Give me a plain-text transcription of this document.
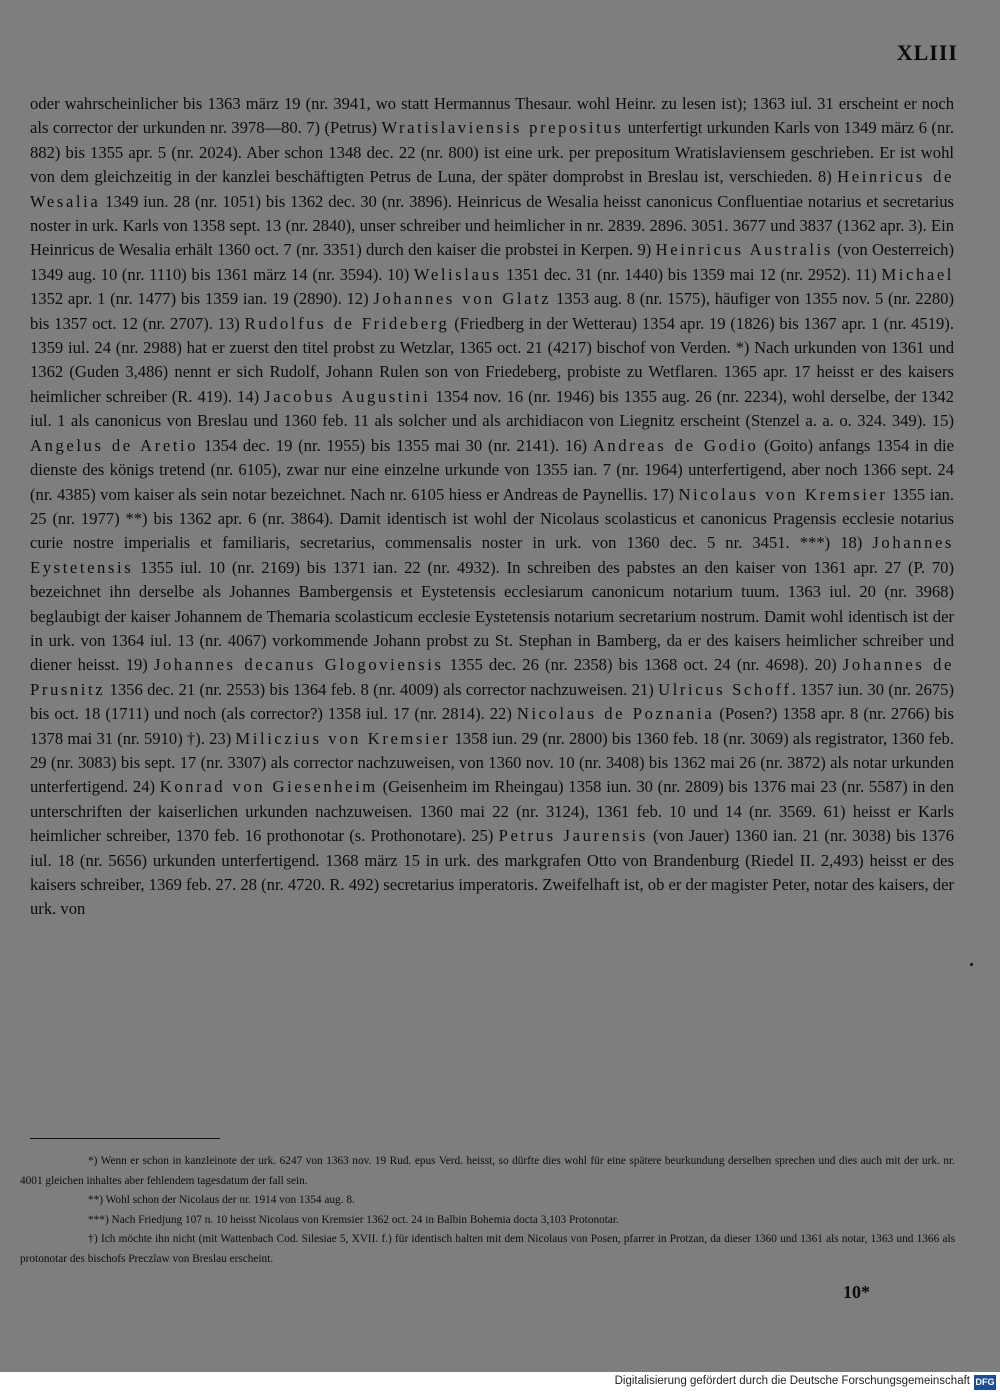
XLIII
oder wahrscheinlicher bis 1363 märz 19 (nr. 3941, wo statt Hermannus Thesaur. wohl Heinr. zu lesen ist); 1363 iul. 31 erscheint er noch als corrector der urkunden nr. 3978—80. 7) (Petrus) Wratislaviensis prepositus unterfertigt urkunden Karls von 1349 märz 6 (nr. 882) bis 1355 apr. 5 (nr. 2024). Aber schon 1348 dec. 22 (nr. 800) ist eine urk. per prepositum Wratislaviensem geschrieben. Er ist wohl von dem gleichzeitig in der kanzlei beschäftigten Petrus de Luna, der später domprobst in Breslau ist, verschieden. 8) Heinricus de Wesalia 1349 iun. 28 (nr. 1051) bis 1362 dec. 30 (nr. 3896). Heinricus de Wesalia heisst canonicus Confluentiae notarius et secretarius noster in urk. Karls von 1358 sept. 13 (nr. 2840), unser schreiber und heimlicher in nr. 2839. 2896. 3051. 3677 und 3837 (1362 apr. 3). Ein Heinricus de Wesalia erhält 1360 oct. 7 (nr. 3351) durch den kaiser die probstei in Kerpen. 9) Heinricus Australis (von Oesterreich) 1349 aug. 10 (nr. 1110) bis 1361 märz 14 (nr. 3594). 10) Welislaus 1351 dec. 31 (nr. 1440) bis 1359 mai 12 (nr. 2952). 11) Michael 1352 apr. 1 (nr. 1477) bis 1359 ian. 19 (2890). 12) Johannes von Glatz 1353 aug. 8 (nr. 1575), häufiger von 1355 nov. 5 (nr. 2280) bis 1357 oct. 12 (nr. 2707). 13) Rudolfus de Frideberg (Friedberg in der Wetterau) 1354 apr. 19 (1826) bis 1367 apr. 1 (nr. 4519). 1359 iul. 24 (nr. 2988) hat er zuerst den titel probst zu Wetzlar, 1365 oct. 21 (4217) bischof von Verden. *) Nach urkunden von 1361 und 1362 (Guden 3,486) nennt er sich Rudolf, Johann Rulen son von Friedeberg, probiste zu Wetflaren. 1365 apr. 17 heisst er des kaisers heimlicher schreiber (R. 419). 14) Jacobus Augustini 1354 nov. 16 (nr. 1946) bis 1355 aug. 26 (nr. 2234), wohl derselbe, der 1342 iul. 1 als canonicus von Breslau und 1360 feb. 11 als solcher und als archidiacon von Liegnitz erscheint (Stenzel a. a. o. 324. 349). 15) Angelus de Aretio 1354 dec. 19 (nr. 1955) bis 1355 mai 30 (nr. 2141). 16) Andreas de Godio (Goito) anfangs 1354 in die dienste des königs tretend (nr. 6105), zwar nur eine einzelne urkunde von 1355 ian. 7 (nr. 1964) unterfertigend, aber noch 1366 sept. 24 (nr. 4385) vom kaiser als sein notar bezeichnet. Nach nr. 6105 hiess er Andreas de Paynellis. 17) Nicolaus von Kremsier 1355 ian. 25 (nr. 1977) **) bis 1362 apr. 6 (nr. 3864). Damit identisch ist wohl der Nicolaus scolasticus et canonicus Pragensis ecclesie notarius curie nostre imperialis et familiaris, secretarius, commensalis noster in urk. von 1360 dec. 5 nr. 3451. ***) 18) Johannes Eystetensis 1355 iul. 10 (nr. 2169) bis 1371 ian. 22 (nr. 4932). In schreiben des pabstes an den kaiser von 1361 apr. 27 (P. 70) bezeichnet ihn derselbe als Johannes Bambergensis et Eystetensis ecclesiarum canonicum notarium tuum. 1363 iul. 20 (nr. 3968) beglaubigt der kaiser Johannem de Themaria scolasticum ecclesie Eystetensis notarium secretarium nostrum. Damit wohl identisch ist der in urk. von 1364 iul. 13 (nr. 4067) vorkommende Johann probst zu St. Stephan in Bamberg, da er des kaisers heimlicher schreiber und diener heisst. 19) Johannes decanus Glogoviensis 1355 dec. 26 (nr. 2358) bis 1368 oct. 24 (nr. 4698). 20) Johannes de Prusnitz 1356 dec. 21 (nr. 2553) bis 1364 feb. 8 (nr. 4009) als corrector nachzuweisen. 21) Ulricus Schoff. 1357 iun. 30 (nr. 2675) bis oct. 18 (1711) und noch (als corrector?) 1358 iul. 17 (nr. 2814). 22) Nicolaus de Poznania (Posen?) 1358 apr. 8 (nr. 2766) bis 1378 mai 31 (nr. 5910) †). 23) Miliczius von Kremsier 1358 iun. 29 (nr. 2800) bis 1360 feb. 18 (nr. 3069) als registrator, 1360 feb. 29 (nr. 3083) bis sept. 17 (nr. 3307) als corrector nachzuweisen, von 1360 nov. 10 (nr. 3408) bis 1362 mai 26 (nr. 3872) als notar urkunden unterfertigend. 24) Konrad von Giesenheim (Geisenheim im Rheingau) 1358 iun. 30 (nr. 2809) bis 1376 mai 23 (nr. 5587) in den unterschriften der kaiserlichen urkunden nachzuweisen. 1360 mai 22 (nr. 3124), 1361 feb. 10 und 14 (nr. 3569. 61) heisst er Karls heimlicher schreiber, 1370 feb. 16 prothonotar (s. Prothonotare). 25) Petrus Jaurensis (von Jauer) 1360 ian. 21 (nr. 3038) bis 1376 iul. 18 (nr. 5656) urkunden unterfertigend. 1368 märz 15 in urk. des markgrafen Otto von Brandenburg (Riedel II. 2,493) heisst er des kaisers schreiber, 1369 feb. 27. 28 (nr. 4720. R. 492) secretarius imperatoris. Zweifelhaft ist, ob er der magister Peter, notar des kaisers, der urk. von

*) Wenn er schon in kanzleinote der urk. 6247 von 1363 nov. 19 Rud. epus Verd. heisst, so dürfte dies wohl für eine spätere beurkundung derselben sprechen und dies auch mit der urk. nr. 4001 gleichen inhaltes aber fehlendem tagesdatum der fall sein.

**) Wohl schon der Nicolaus der nr. 1914 von 1354 aug. 8.

***) Nach Friedjung 107 n. 10 heisst Nicolaus von Kremsier 1362 oct. 24 in Balbin Bohemia docta 3,103 Protonotar.

†) Ich möchte ihn nicht (mit Wattenbach Cod. Silesiae 5, XVII. f.) für identisch halten mit dem Nicolaus von Posen, pfarrer in Protzan, da dieser 1360 und 1361 als notar, 1363 und 1366 als protonotar des bischofs Preczlaw von Breslau erscheint.

10*
Digitalisierung gefördert durch die Deutsche Forschungsgemeinschaft DFG
